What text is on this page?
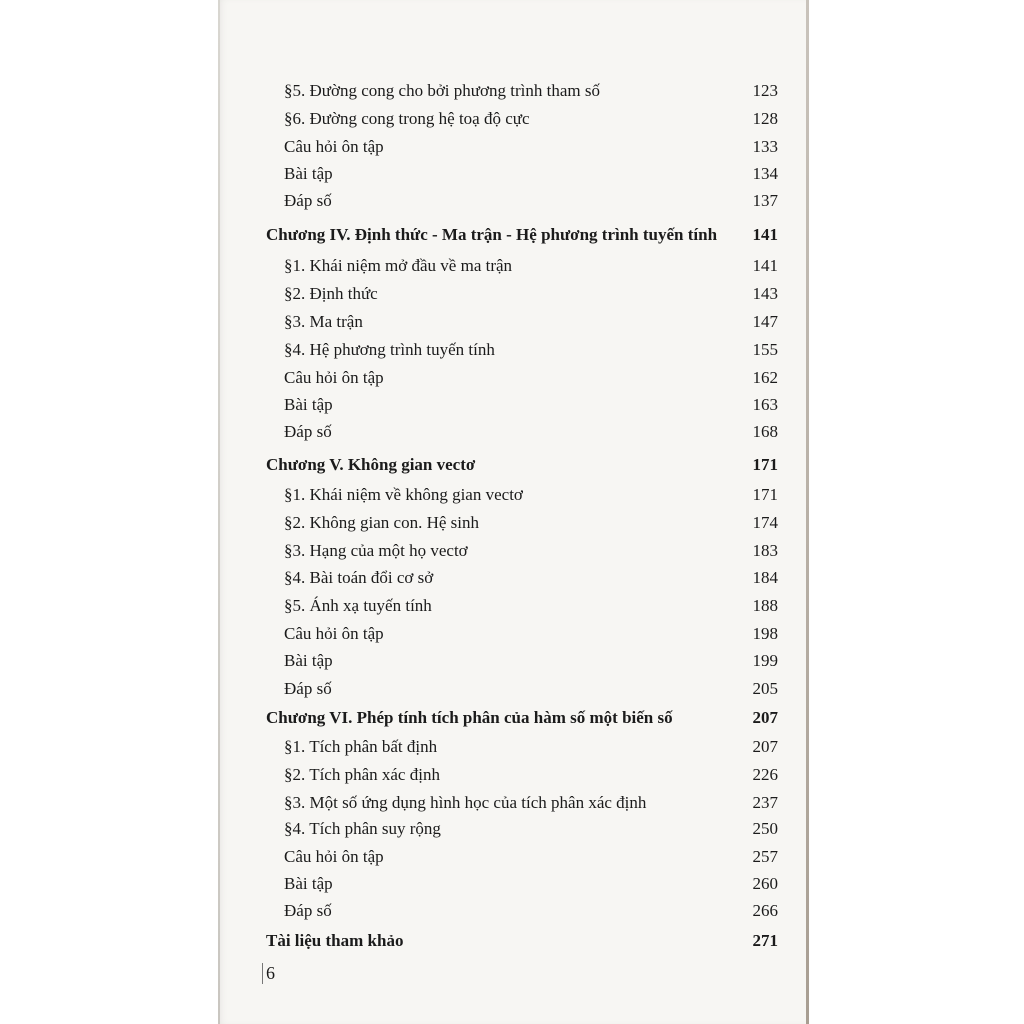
§5. Đường cong cho bởi phương trình tham số	123
§6. Đường cong trong hệ toạ độ cực	128
Câu hỏi ôn tập	133
Bài tập	134
Đáp số	137
Chương IV. Định thức - Ma trận - Hệ phương trình tuyến tính 141
§1. Khái niệm mở đầu về ma trận	141
§2. Định thức	143
§3. Ma trận	147
§4. Hệ phương trình tuyến tính	155
Câu hỏi ôn tập	162
Bài tập	163
Đáp số	168
Chương V. Không gian vectơ	171
§1. Khái niệm về không gian vectơ	171
§2. Không gian con. Hệ sinh	174
§3. Hạng của một họ vectơ	183
§4. Bài toán đổi cơ sở	184
§5. Ánh xạ tuyến tính	188
Câu hỏi ôn tập	198
Bài tập	199
Đáp số	205
Chương VI. Phép tính tích phân của hàm số một biến số	207
§1. Tích phân bất định	207
§2. Tích phân xác định	226
§3. Một số ứng dụng hình học của tích phân xác định	237
§4. Tích phân suy rộng	250
Câu hỏi ôn tập	257
Bài tập	260
Đáp số	266
Tài liệu tham khảo	271
6
